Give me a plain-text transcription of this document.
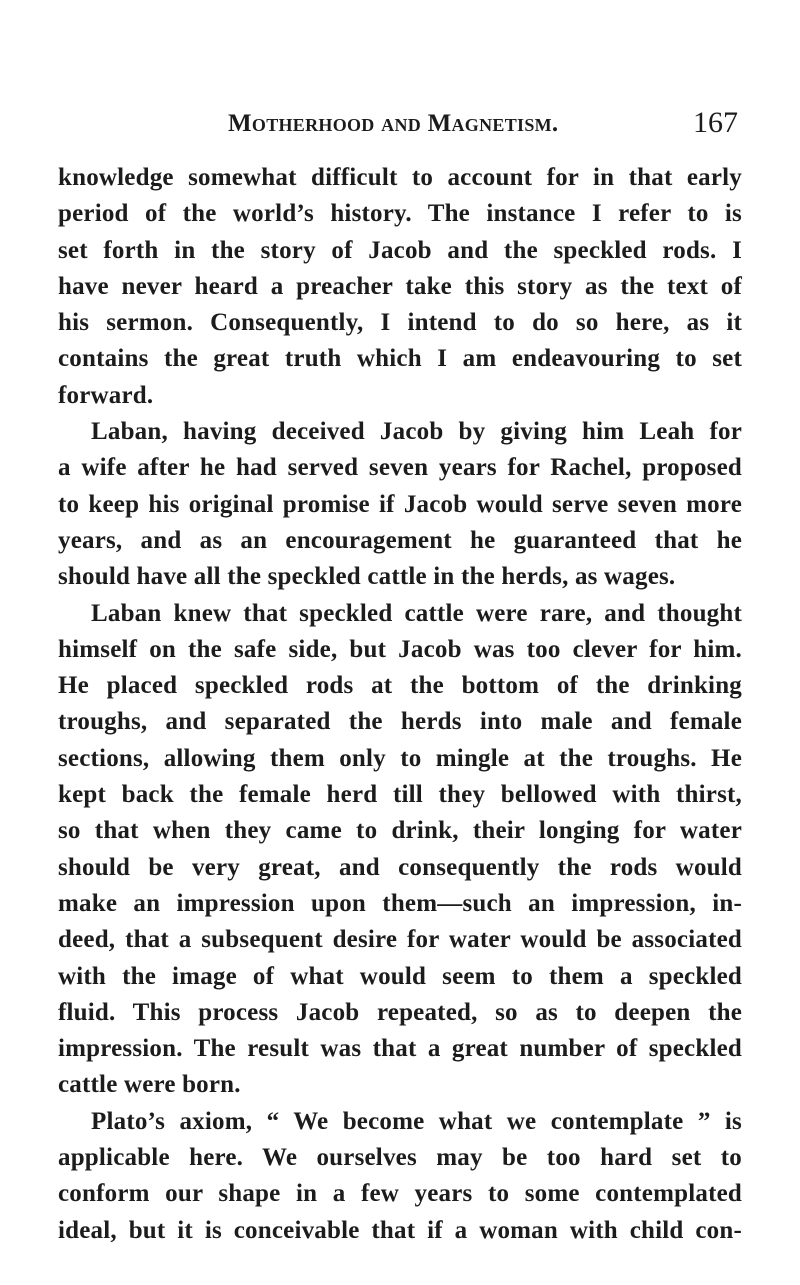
Motherhood and Magnetism.	167
knowledge somewhat difficult to account for in that early
period of the world’s history. The instance I refer to is
set forth in the story of Jacob and the speckled rods. I
have never heard a preacher take this story as the text of
his sermon. Consequently, I intend to do so here, as it
contains the great truth which I am endeavouring to set
forward.
Laban, having deceived Jacob by giving him Leah for
a wife after he had served seven years for Rachel, proposed
to keep his original promise if Jacob would serve seven more
years, and as an encouragement he guaranteed that he
should have all the speckled cattle in the herds, as wages.
Laban knew that speckled cattle were rare, and thought
himself on the safe side, but Jacob was too clever for him.
He placed speckled rods at the bottom of the drinking
troughs, and separated the herds into male and female
sections, allowing them only to mingle at the troughs. He
kept back the female herd till they bellowed with thirst,
so that when they came to drink, their longing for water
should be very great, and consequently the rods would
make an impression upon them—such an impression, in-
deed, that a subsequent desire for water would be associated
with the image of what would seem to them a speckled
fluid. This process Jacob repeated, so as to deepen the
impression. The result was that a great number of speckled
cattle were born.
Plato’s axiom, “ We become what we contemplate ” is
applicable here. We ourselves may be too hard set to
conform our shape in a few years to some contemplated
ideal, but it is conceivable that if a woman with child con-
